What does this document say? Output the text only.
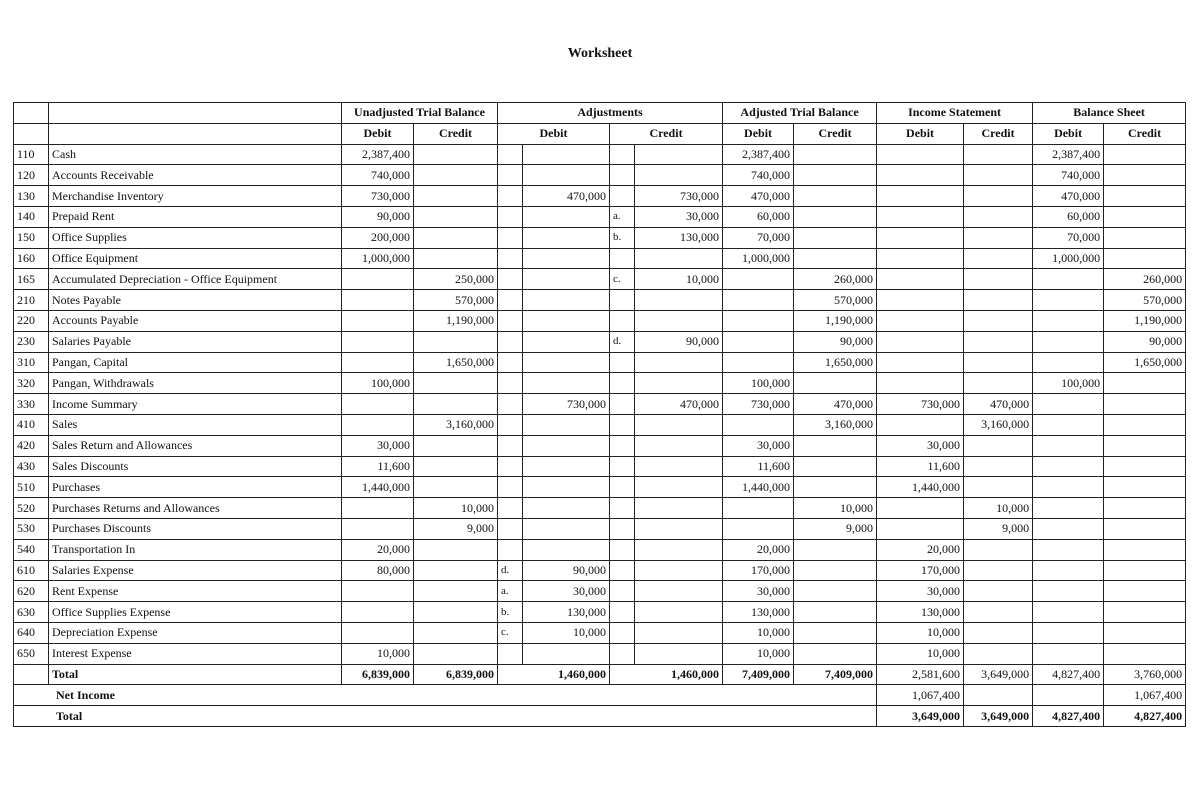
Worksheet
		Unadjusted Trial Balance		Adjustments				Adjusted Trial Balance		Income Statement		Balance Sheet	
		Debit	Credit	Debit		Credit		Debit	Credit	Debit	Credit	Debit	Credit
110	Cash	2,387,400						2,387,400				2,387,400	
120	Accounts Receivable	740,000						740,000				740,000	
130	Merchandise Inventory	730,000			470,000		730,000	470,000				470,000	
140	Prepaid Rent	90,000				a.	30,000	60,000				60,000	
150	Office Supplies	200,000				b.	130,000	70,000				70,000	
160	Office Equipment	1,000,000						1,000,000				1,000,000	
165	Accumulated Depreciation - Office Equipment		250,000			c.	10,000		260,000				260,000
210	Notes Payable		570,000						570,000				570,000
220	Accounts Payable		1,190,000						1,190,000				1,190,000
230	Salaries Payable					d.	90,000		90,000				90,000
310	Pangan, Capital		1,650,000						1,650,000				1,650,000
320	Pangan, Withdrawals	100,000						100,000				100,000	
330	Income Summary				730,000		470,000	730,000	470,000	730,000	470,000		
410	Sales		3,160,000						3,160,000		3,160,000		
420	Sales Return and Allowances	30,000						30,000		30,000			
430	Sales Discounts	11,600						11,600		11,600			
510	Purchases	1,440,000						1,440,000		1,440,000			
520	Purchases Returns and Allowances		10,000						10,000		10,000		
530	Purchases Discounts		9,000						9,000		9,000		
540	Transportation In	20,000						20,000		20,000			
610	Salaries Expense	80,000		d.	90,000			170,000		170,000			
620	Rent Expense			a.	30,000			30,000		30,000			
630	Office Supplies Expense			b.	130,000			130,000		130,000			
640	Depreciation Expense			c.	10,000			10,000		10,000			
650	Interest Expense	10,000						10,000		10,000			
	Total	6,839,000	6,839,000	1,460,000		1,460,000		7,409,000	7,409,000	2,581,600	3,649,000	4,827,400	3,760,000
Net Income										1,067,400			1,067,400
Total										3,649,000	3,649,000	4,827,400	4,827,400
